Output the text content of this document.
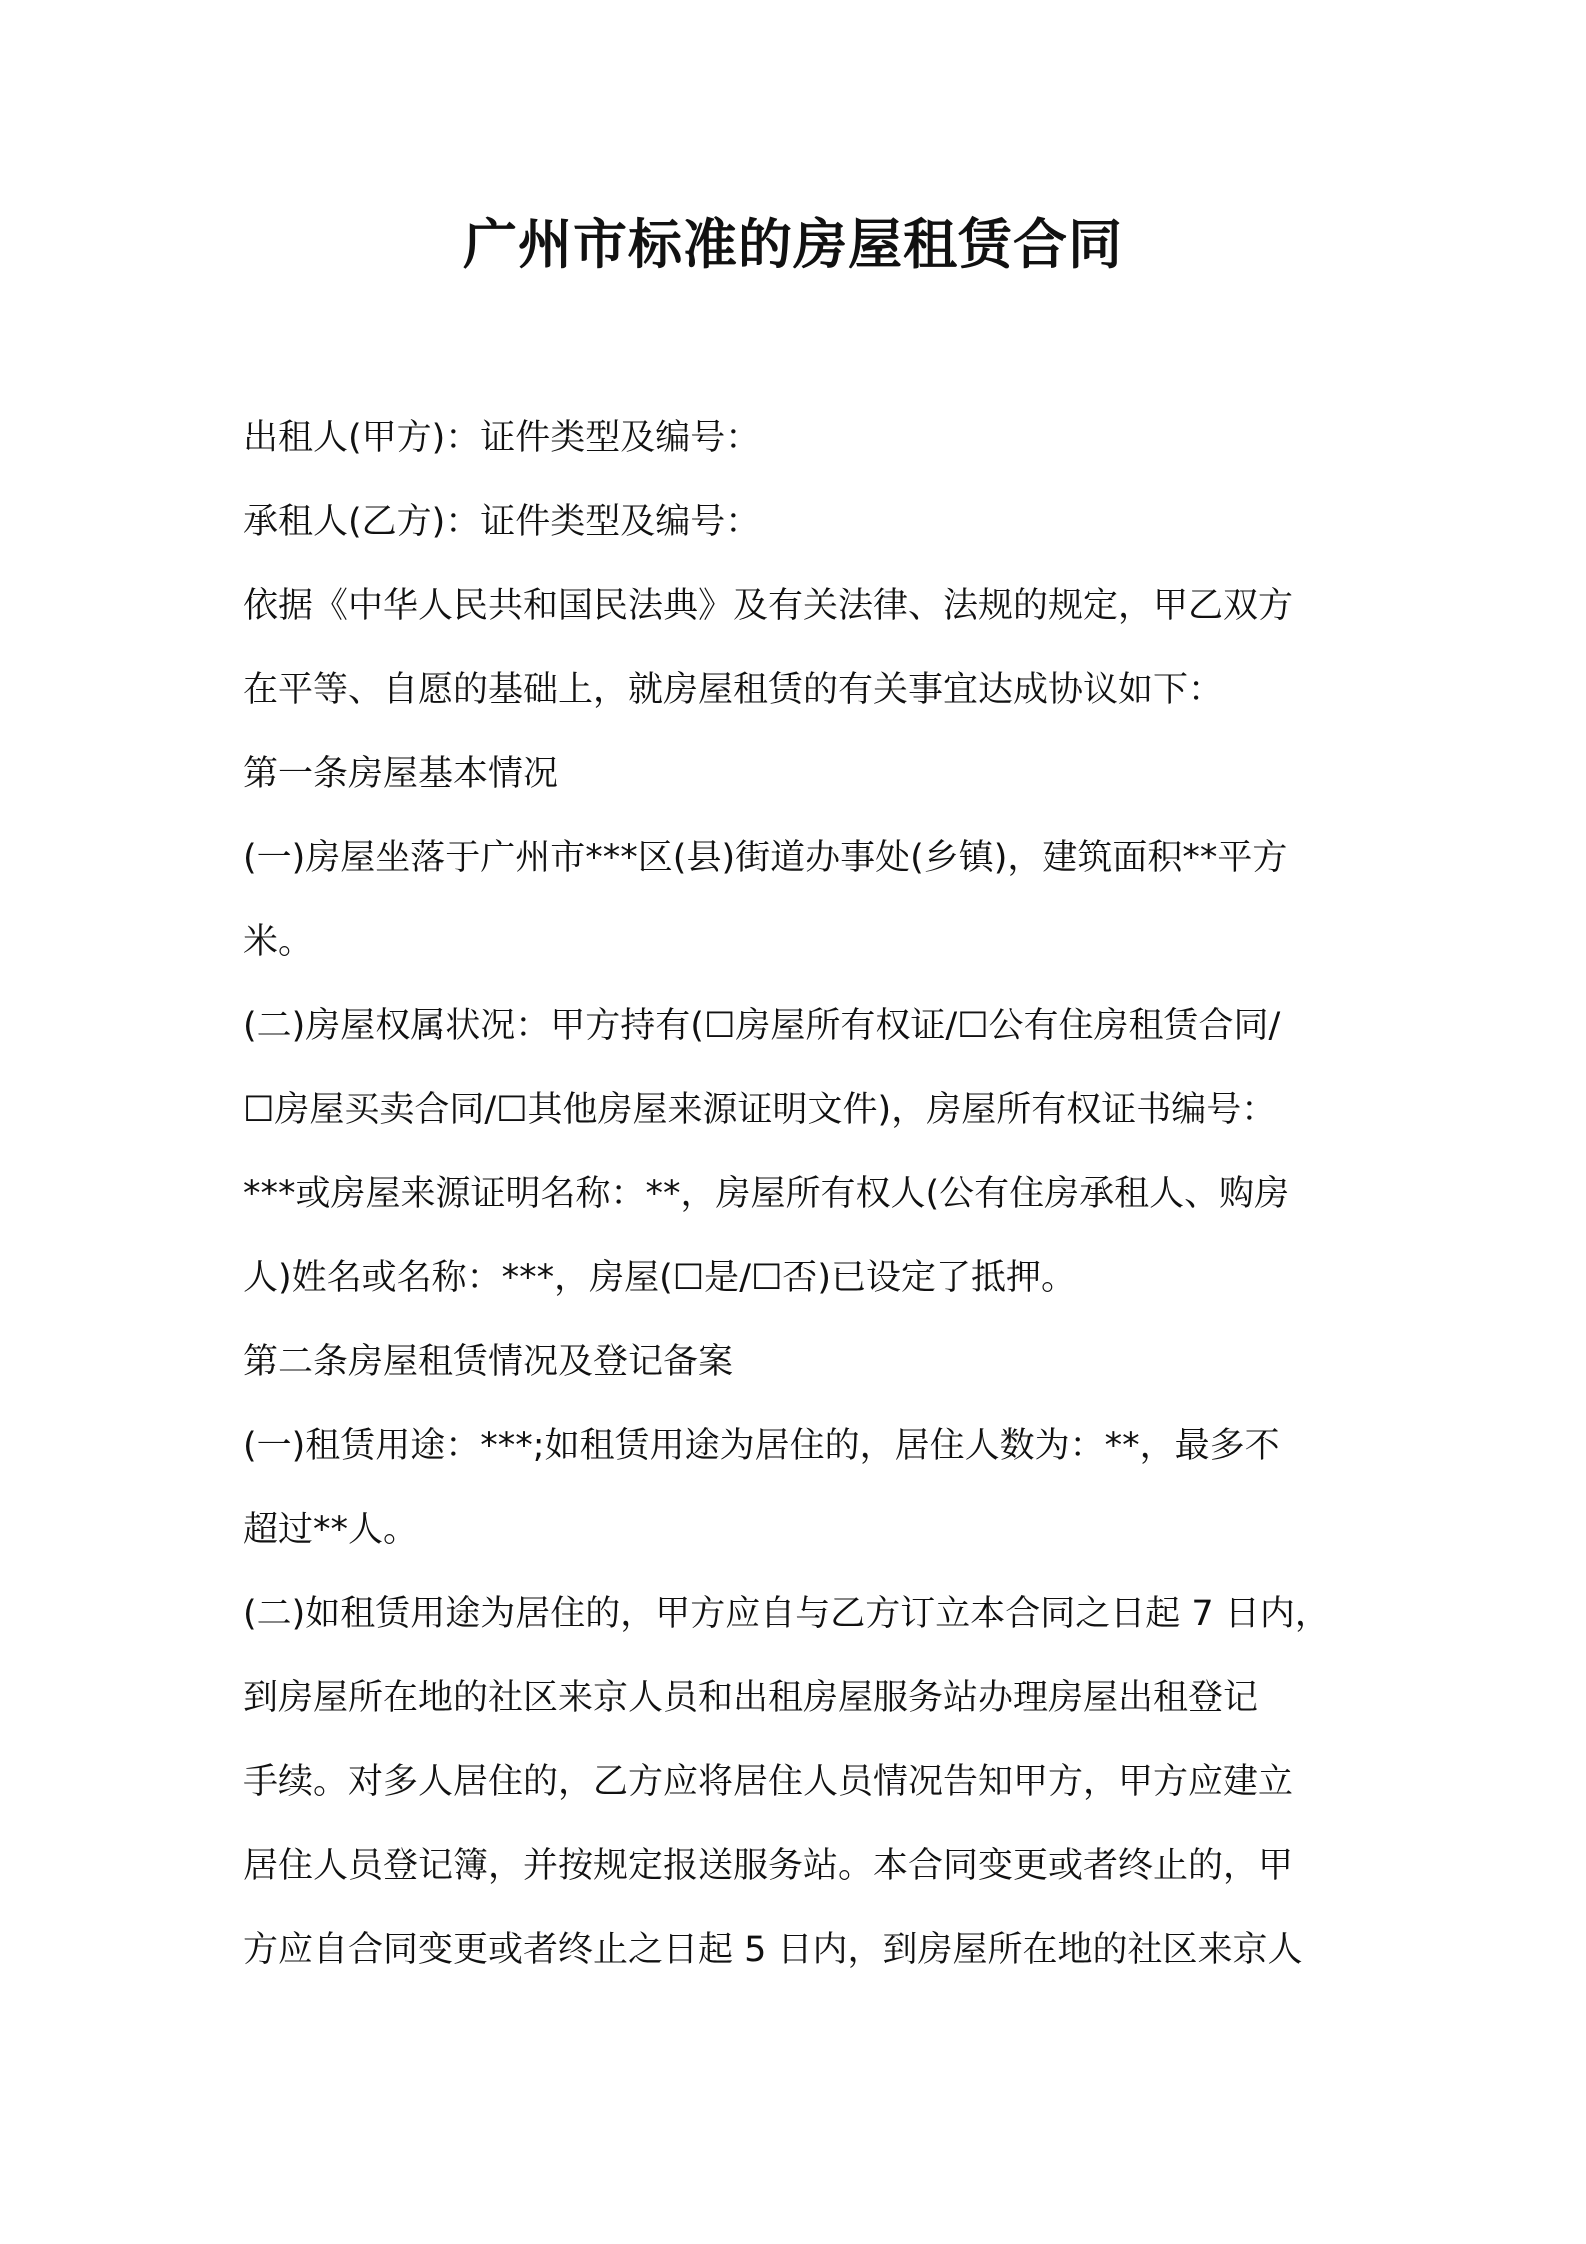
广州市标准的房屋租赁合同

出租人(甲方)：证件类型及编号：

承租人(乙方)：证件类型及编号：

依据《中华人民共和国民法典》及有关法律、法规的规定，甲乙双方

在平等、自愿的基础上，就房屋租赁的有关事宜达成协议如下：

第一条房屋基本情况

(一)房屋坐落于广州市***区(县)街道办事处(乡镇)，建筑面积**平方

米。

(二)房屋权属状况：甲方持有(☐房屋所有权证/☐公有住房租赁合同/

☐房屋买卖合同/☐其他房屋来源证明文件)，房屋所有权证书编号：

***或房屋来源证明名称：**，房屋所有权人(公有住房承租人、购房

人)姓名或名称：***，房屋(☐是/☐否)已设定了抵押。

第二条房屋租赁情况及登记备案

(一)租赁用途：***;如租赁用途为居住的，居住人数为：**，最多不

超过**人。

(二)如租赁用途为居住的，甲方应自与乙方订立本合同之日起 7 日内，

到房屋所在地的社区来京人员和出租房屋服务站办理房屋出租登记

手续。对多人居住的，乙方应将居住人员情况告知甲方，甲方应建立

居住人员登记簿，并按规定报送服务站。本合同变更或者终止的，甲

方应自合同变更或者终止之日起 5 日内，到房屋所在地的社区来京人
